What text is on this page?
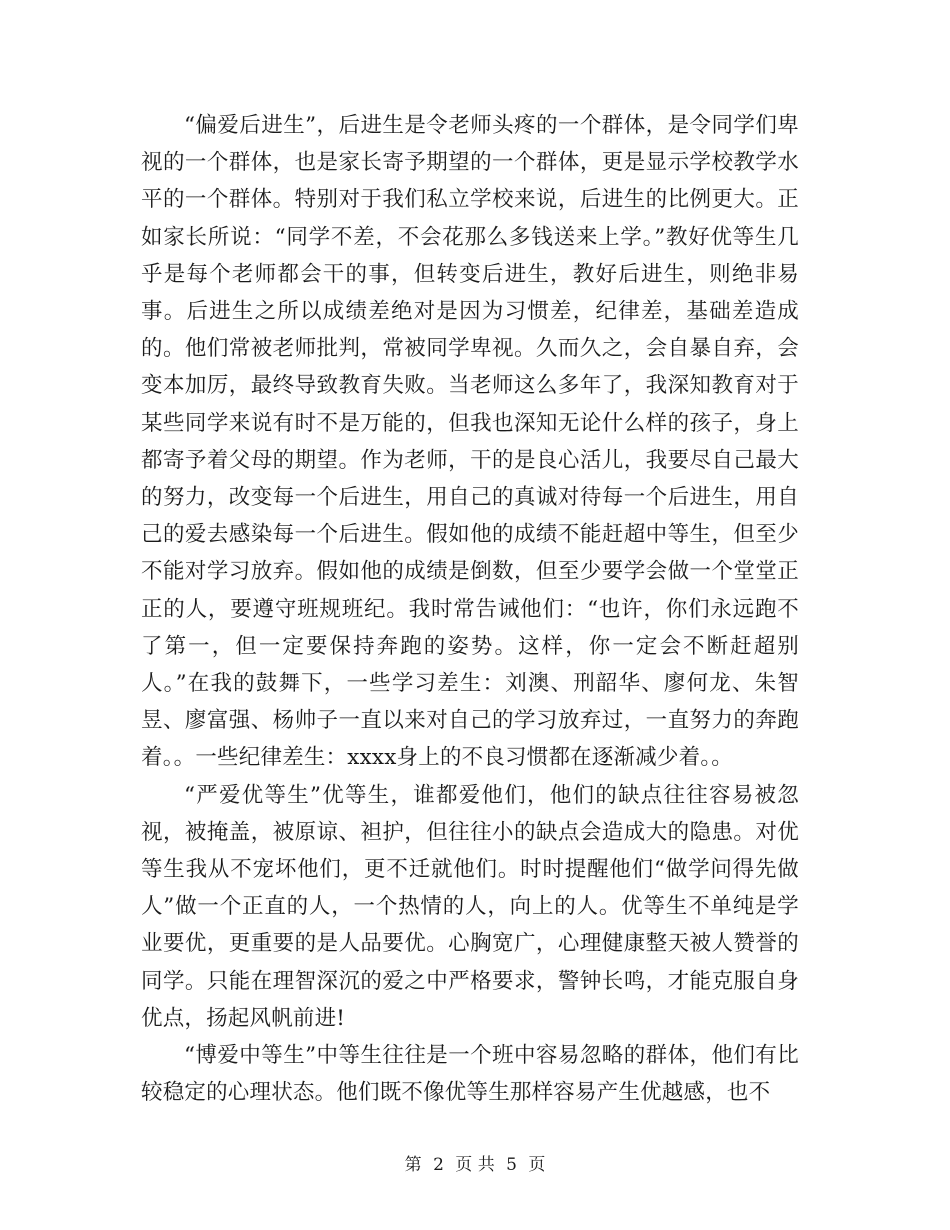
“偏爱后进生”，后进生是令老师头疼的一个群体，是令同学们卑视的一个群体，也是家长寄予期望的一个群体，更是显示学校教学水平的一个群体。特别对于我们私立学校来说，后进生的比例更大。正如家长所说：“同学不差，不会花那么多钱送来上学。”教好优等生几乎是每个老师都会干的事，但转变后进生，教好后进生，则绝非易事。后进生之所以成绩差绝对是因为习惯差，纪律差，基础差造成的。他们常被老师批判，常被同学卑视。久而久之，会自暴自弃，会变本加厉，最终导致教育失败。当老师这么多年了，我深知教育对于某些同学来说有时不是万能的，但我也深知无论什么样的孩子，身上都寄予着父母的期望。作为老师，干的是良心活儿，我要尽自己最大的努力，改变每一个后进生，用自己的真诚对待每一个后进生，用自己的爱去感染每一个后进生。假如他的成绩不能赶超中等生，但至少不能对学习放弃。假如他的成绩是倒数，但至少要学会做一个堂堂正正的人，要遵守班规班纪。我时常告诫他们：“也许，你们永远跑不了第一，但一定要保持奔跑的姿势。这样，你一定会不断赶超别人。”在我的鼓舞下，一些学习差生：刘澳、刑韶华、廖何龙、朱智昱、廖富强、杨帅子一直以来对自己的学习放弃过，一直努力的奔跑着。。一些纪律差生：xxxx身上的不良习惯都在逐渐减少着。。

“严爱优等生”优等生，谁都爱他们，他们的缺点往往容易被忽视，被掩盖，被原谅、袒护，但往往小的缺点会造成大的隐患。对优等生我从不宠坏他们，更不迁就他们。时时提醒他们“做学问得先做人”做一个正直的人，一个热情的人，向上的人。优等生不单纯是学业要优，更重要的是人品要优。心胸宽广，心理健康整天被人赞誉的同学。只能在理智深沉的爱之中严格要求，警钟长鸣，才能克服自身优点，扬起风帆前进!

“博爱中等生”中等生往往是一个班中容易忽略的群体，他们有比较稳定的心理状态。他们既不像优等生那样容易产生优越感，也不

第 2 页 共 5 页
